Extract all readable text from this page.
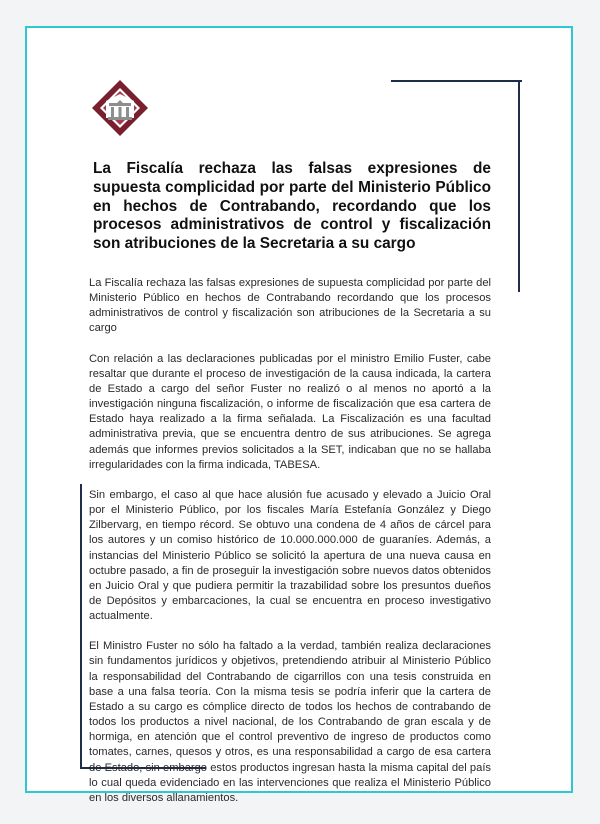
La Fiscalía rechaza las falsas expresiones de supuesta complicidad por parte del Ministerio Público en hechos de Contrabando, recordando que los procesos administrativos de control y fiscalización son atribuciones de la Secretaria a su cargo

La Fiscalía rechaza las falsas expresiones de supuesta complicidad por parte del Ministerio Público en hechos de Contrabando recordando que los procesos administrativos de control y fiscalización son atribuciones de la Secretaria a su cargo

Con relación a las declaraciones publicadas por el ministro Emilio Fuster, cabe resaltar que durante el proceso de investigación de la causa indicada, la cartera de Estado a cargo del señor Fuster no realizó o al menos no aportó a la investigación ninguna fiscalización, o informe de fiscalización que esa cartera de Estado haya realizado a la firma señalada. La Fiscalización es una facultad administrativa previa, que se encuentra dentro de sus atribuciones. Se agrega además que informes previos solicitados a la SET, indicaban que no se hallaba irregularidades con la firma indicada, TABESA.

Sin embargo, el caso al que hace alusión fue acusado y elevado a Juicio Oral por el Ministerio Público, por los fiscales María Estefanía González y Diego Zilbervarg, en tiempo récord. Se obtuvo una condena de 4 años de cárcel para los autores y un comiso histórico de 10.000.000.000 de guaraníes. Además, a instancias del Ministerio Público se solicitó la apertura de una nueva causa en octubre pasado, a fin de proseguir la investigación sobre nuevos datos obtenidos en Juicio Oral y que pudiera permitir la trazabilidad sobre los presuntos dueños de Depósitos y embarcaciones, la cual se encuentra en proceso investigativo actualmente.

El Ministro Fuster no sólo ha faltado a la verdad, también realiza declaraciones sin fundamentos jurídicos y objetivos, pretendiendo atribuir al Ministerio Público la responsabilidad del Contrabando de cigarrillos con una tesis construida en base a una falsa teoría. Con la misma tesis se podría inferir que la cartera de Estado a su cargo es cómplice directo de todos los hechos de contrabando de todos los productos a nivel nacional, de los Contrabando de gran escala y de hormiga, en atención que el control preventivo de ingreso de productos como tomates, carnes, quesos y otros, es una responsabilidad a cargo de esa cartera de Estado, sin embargo estos productos ingresan hasta la misma capital del país lo cual queda evidenciado en las intervenciones que realiza el Ministerio Público en los diversos allanamientos.
